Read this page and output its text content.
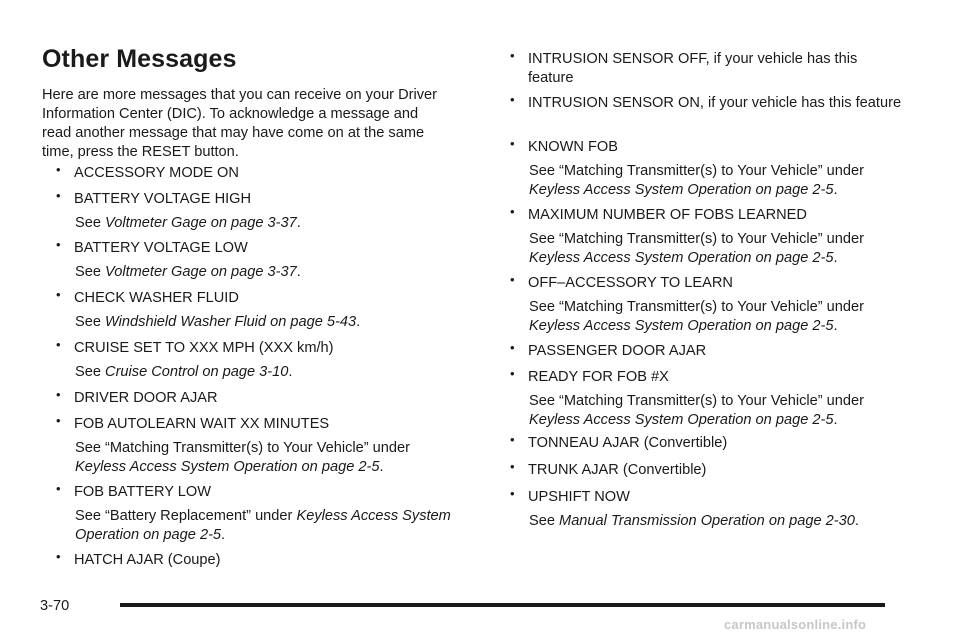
Other Messages

Here are more messages that you can receive on your Driver Information Center (DIC). To acknowledge a message and read another message that may have come on at the same time, press the RESET button.

• ACCESSORY MODE ON
• BATTERY VOLTAGE HIGH

See Voltmeter Gage on page 3-37.

• BATTERY VOLTAGE LOW

See Voltmeter Gage on page 3-37.

• CHECK WASHER FLUID

See Windshield Washer Fluid on page 5-43.

• CRUISE SET TO XXX MPH (XXX km/h)

See Cruise Control on page 3-10.

• DRIVER DOOR AJAR
• FOB AUTOLEARN WAIT XX MINUTES

See “Matching Transmitter(s) to Your Vehicle” under Keyless Access System Operation on page 2-5.

• FOB BATTERY LOW

See “Battery Replacement” under Keyless Access System Operation on page 2-5.

• HATCH AJAR (Coupe)
• INTRUSION SENSOR OFF, if your vehicle has this feature
• INTRUSION SENSOR ON, if your vehicle has this feature
• KNOWN FOB

See “Matching Transmitter(s) to Your Vehicle” under Keyless Access System Operation on page 2-5.

• MAXIMUM NUMBER OF FOBS LEARNED

See “Matching Transmitter(s) to Your Vehicle” under Keyless Access System Operation on page 2-5.

• OFF–ACCESSORY TO LEARN

See “Matching Transmitter(s) to Your Vehicle” under Keyless Access System Operation on page 2-5.

• PASSENGER DOOR AJAR
• READY FOR FOB #X

See “Matching Transmitter(s) to Your Vehicle” under Keyless Access System Operation on page 2-5.

• TONNEAU AJAR (Convertible)
• TRUNK AJAR (Convertible)
• UPSHIFT NOW

See Manual Transmission Operation on page 2-30.

3-70
carmanualsonline.info
